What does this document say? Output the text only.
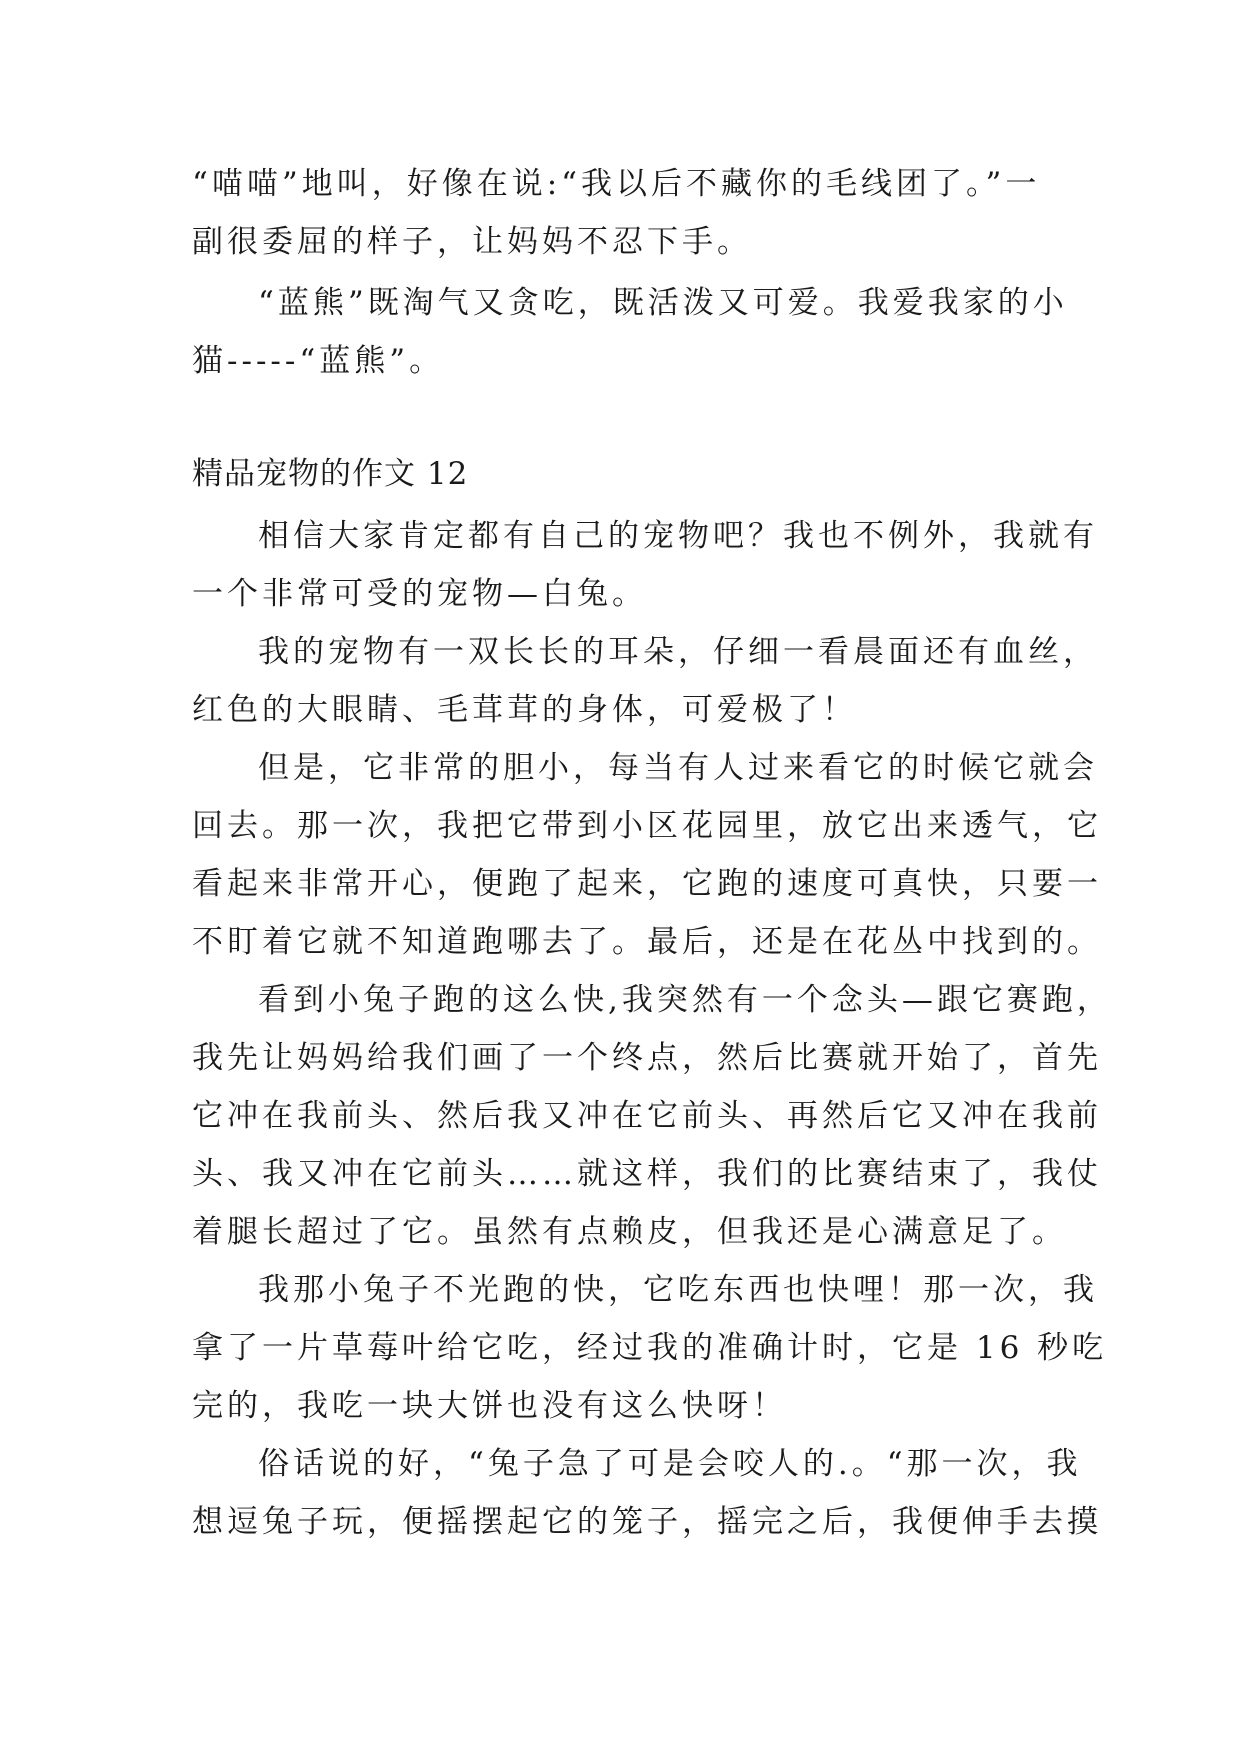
“喵喵”地叫，好像在说:“我以后不藏你的毛线团了。”一
副很委屈的样子，让妈妈不忍下手。
“蓝熊”既淘气又贪吃，既活泼又可爱。我爱我家的小
猫-----“蓝熊”。
精品宠物的作文 12
相信大家肯定都有自己的宠物吧？我也不例外，我就有
一个非常可受的宠物—白兔。
我的宠物有一双长长的耳朵，仔细一看晨面还有血丝，
红色的大眼睛、毛茸茸的身体，可爱极了！
但是，它非常的胆小，每当有人过来看它的时候它就会
回去。那一次，我把它带到小区花园里，放它出来透气，它
看起来非常开心，便跑了起来，它跑的速度可真快，只要一
不盯着它就不知道跑哪去了。最后，还是在花丛中找到的。
看到小兔子跑的这么快,我突然有一个念头—跟它赛跑，
我先让妈妈给我们画了一个终点，然后比赛就开始了，首先
它冲在我前头、然后我又冲在它前头、再然后它又冲在我前
头、我又冲在它前头……就这样，我们的比赛结束了，我仗
着腿长超过了它。虽然有点赖皮，但我还是心满意足了。
我那小兔子不光跑的快，它吃东西也快哩！那一次，我
拿了一片草莓叶给它吃，经过我的准确计时，它是 16 秒吃
完的，我吃一块大饼也没有这么快呀！
俗话说的好，“兔子急了可是会咬人的.。“那一次，我
想逗兔子玩，便摇摆起它的笼子，摇完之后，我便伸手去摸
